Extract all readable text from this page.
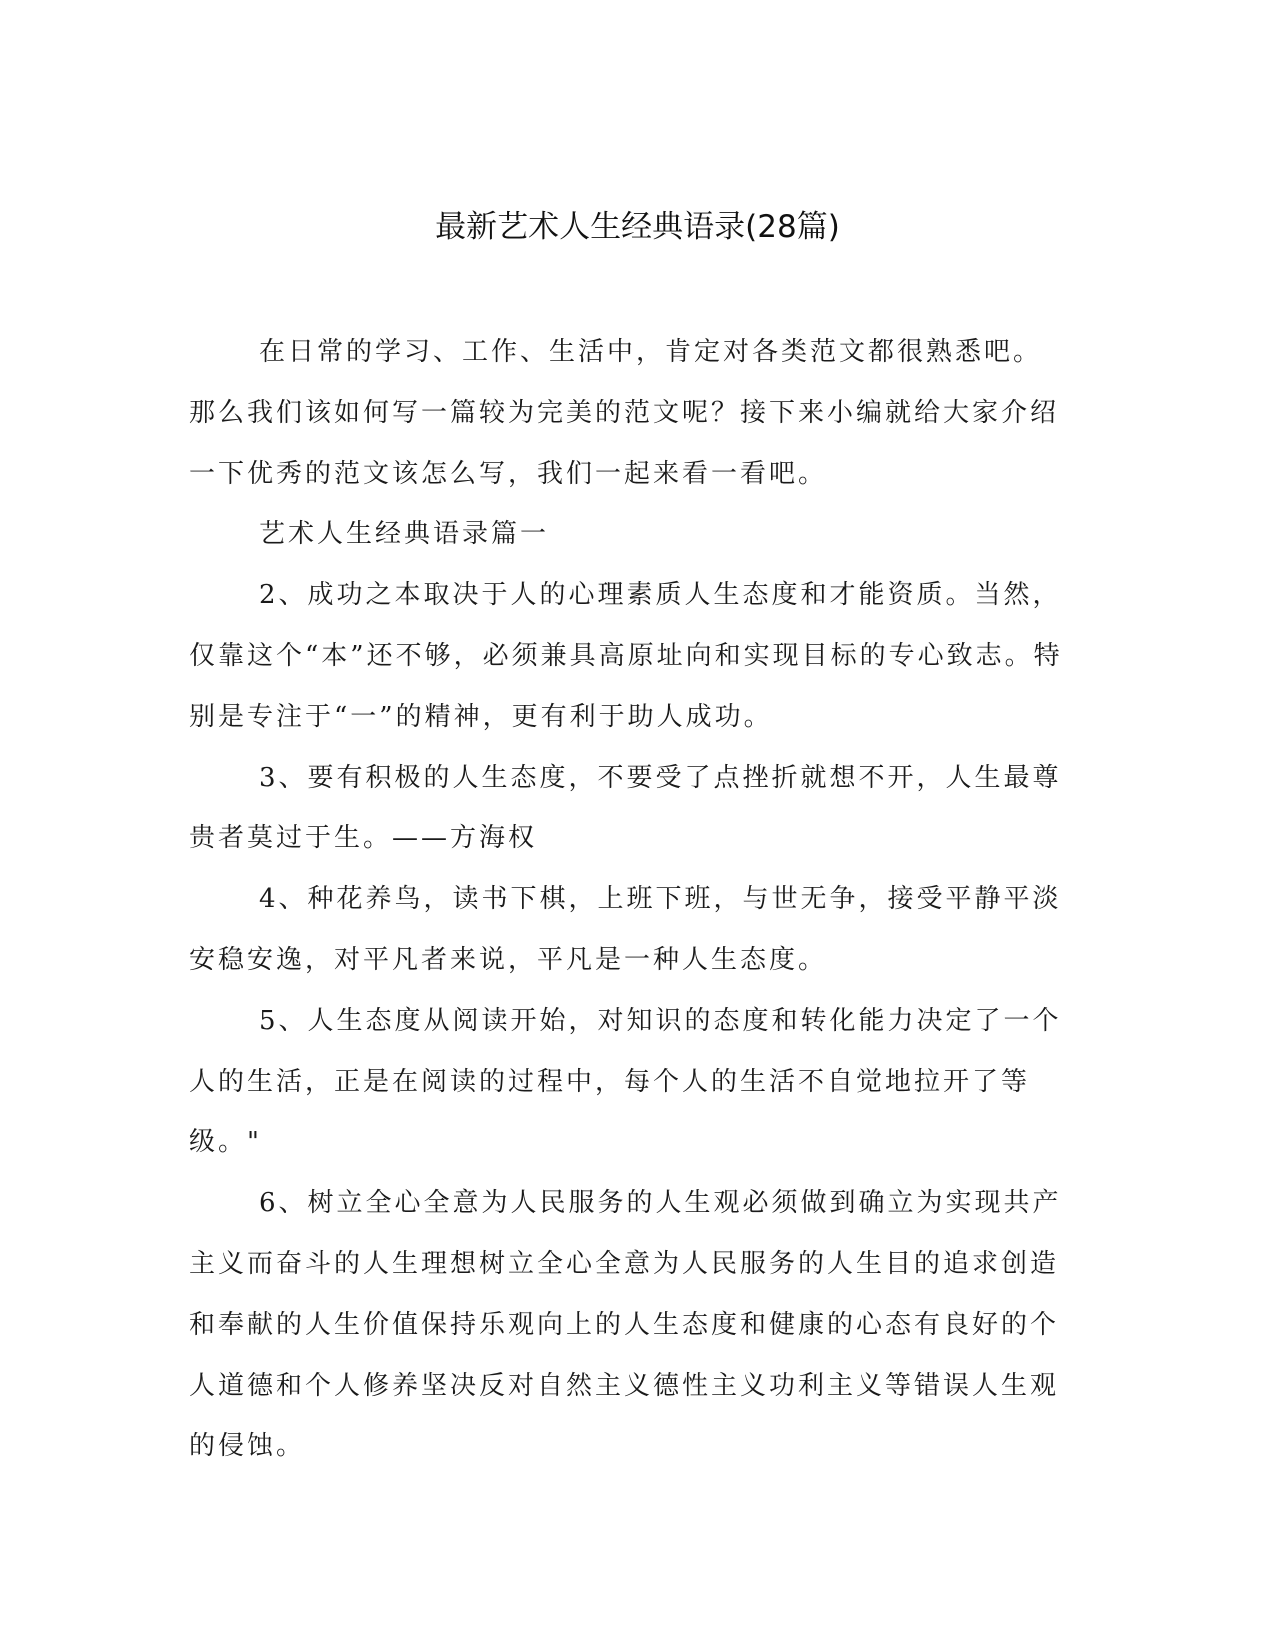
最新艺术人生经典语录(28篇)

在日常的学习、工作、生活中，肯定对各类范文都很熟悉吧。那么我们该如何写一篇较为完美的范文呢？接下来小编就给大家介绍一下优秀的范文该怎么写，我们一起来看一看吧。

艺术人生经典语录篇一

2、成功之本取决于人的心理素质人生态度和才能资质。当然，仅靠这个“本”还不够，必须兼具高原址向和实现目标的专心致志。特别是专注于“一”的精神，更有利于助人成功。

3、要有积极的人生态度，不要受了点挫折就想不开，人生最尊贵者莫过于生。——方海权

4、种花养鸟，读书下棋，上班下班，与世无争，接受平静平淡安稳安逸，对平凡者来说，平凡是一种人生态度。

5、人生态度从阅读开始，对知识的态度和转化能力决定了一个人的生活，正是在阅读的过程中，每个人的生活不自觉地拉开了等级。"

6、树立全心全意为人民服务的人生观必须做到确立为实现共产主义而奋斗的人生理想树立全心全意为人民服务的人生目的追求创造和奉献的人生价值保持乐观向上的人生态度和健康的心态有良好的个人道德和个人修养坚决反对自然主义德性主义功利主义等错误人生观的侵蚀。
